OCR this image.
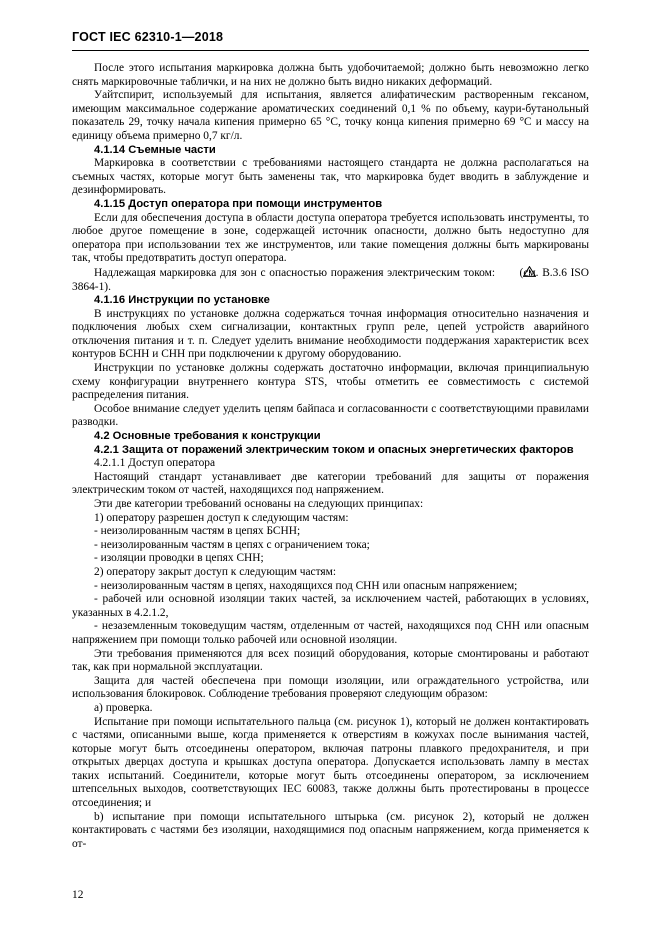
ГОСТ IEC 62310-1—2018

После этого испытания маркировка должна быть удобочитаемой; должно быть невозможно легко снять маркировочные таблички, и на них не должно быть видно никаких деформаций.

Уайтспирит, используемый для испытания, является алифатическим растворенным гексаном, имеющим максимальное содержание ароматических соединений 0,1 % по объему, каури-бутанольный показатель 29, точку начала кипения примерно 65 °С, точку конца кипения примерно 69 °С и массу на единицу объема примерно 0,7 кг/л.

4.1.14 Съемные части

Маркировка в соответствии с требованиями настоящего стандарта не должна располагаться на съемных частях, которые могут быть заменены так, что маркировка будет вводить в заблуждение и дезинформировать.

4.1.15 Доступ оператора при помощи инструментов

Если для обеспечения доступа в области доступа оператора требуется использовать инструменты, то любое другое помещение в зоне, содержащей источник опасности, должно быть недоступно для оператора при использовании тех же инструментов, или такие помещения должны быть маркированы так, чтобы предотвратить доступ оператора.

Надлежащая маркировка для зон с опасностью поражения электрическим током: (см. В.3.6 ISO 3864-1).

4.1.16 Инструкции по установке

В инструкциях по установке должна содержаться точная информация относительно назначения и подключения любых схем сигнализации, контактных групп реле, цепей устройств аварийного отключения питания и т. п. Следует уделить внимание необходимости поддержания характеристик всех контуров БСНН и СНН при подключении к другому оборудованию.

Инструкции по установке должны содержать достаточно информации, включая принципиальную схему конфигурации внутреннего контура STS, чтобы отметить ее совместимость с системой распределения питания.

Особое внимание следует уделить цепям байпаса и согласованности с соответствующими правилами разводки.

4.2 Основные требования к конструкции

4.2.1 Защита от поражений электрическим током и опасных энергетических факторов

4.2.1.1 Доступ оператора

Настоящий стандарт устанавливает две категории требований для защиты от поражения электрическим током от частей, находящихся под напряжением.

Эти две категории требований основаны на следующих принципах:

1) оператору разрешен доступ к следующим частям:

- неизолированным частям в цепях БСНН;

- неизолированным частям в цепях с ограничением тока;

- изоляции проводки в цепях СНН;

2) оператору закрыт доступ к следующим частям:

- неизолированным частям в цепях, находящихся под СНН или опасным напряжением;

- рабочей или основной изоляции таких частей, за исключением частей, работающих в условиях, указанных в 4.2.1.2,

- незаземленным токоведущим частям, отделенным от частей, находящихся под СНН или опасным напряжением при помощи только рабочей или основной изоляции.

Эти требования применяются для всех позиций оборудования, которые смонтированы и работают так, как при нормальной эксплуатации.

Защита для частей обеспечена при помощи изоляции, или ограждательного устройства, или использования блокировок. Соблюдение требования проверяют следующим образом:

а) проверка.

Испытание при помощи испытательного пальца (см. рисунок 1), который не должен контактировать с частями, описанными выше, когда применяется к отверстиям в кожухах после вынимания частей, которые могут быть отсоединены оператором, включая патроны плавкого предохранителя, и при открытых дверцах доступа и крышках доступа оператора. Допускается использовать лампу в местах таких испытаний. Соединители, которые могут быть отсоединены оператором, за исключением штепсельных выходов, соответствующих IEC 60083, также должны быть протестированы в процессе отсоединения; и

b) испытание при помощи испытательного штырька (см. рисунок 2), который не должен контактировать с частями без изоляции, находящимися под опасным напряжением, когда применяется к от-

12
